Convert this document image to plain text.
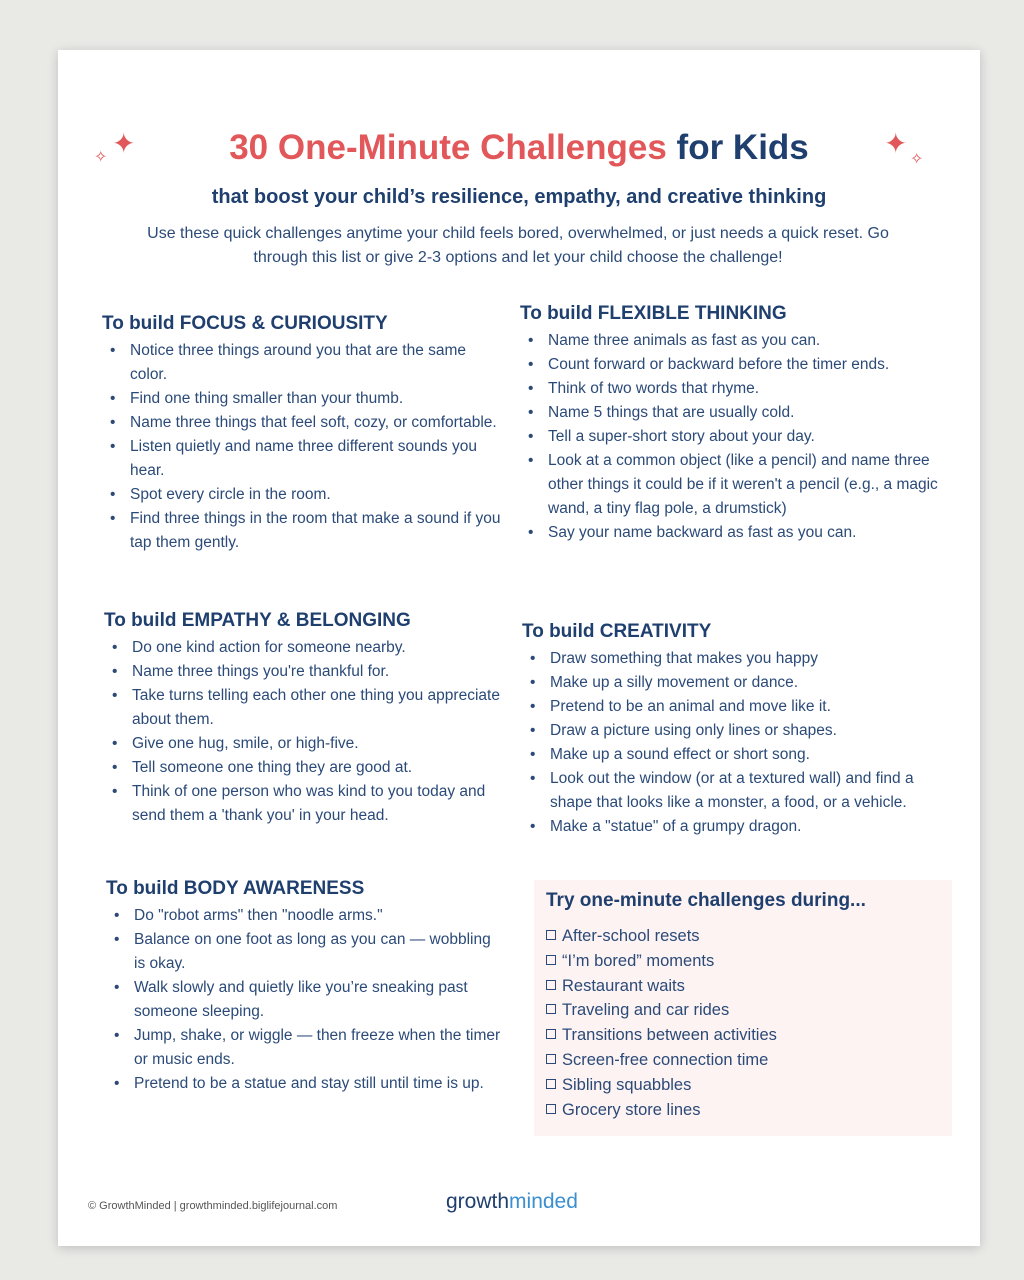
✦
✧	✦
✧
30 One-Minute Challenges for Kids
that boost your child’s resilience, empathy, and creative thinking
Use these quick challenges anytime your child feels bored, overwhelmed, or just needs a quick reset. Go through this list or give 2-3 options and let your child choose the challenge!
To build FOCUS & CURIOUSITY
• Notice three things around you that are the same color.
• Find one thing smaller than your thumb.
• Name three things that feel soft, cozy, or comfortable.
• Listen quietly and name three different sounds you hear.
• Spot every circle in the room.
• Find three things in the room that make a sound if you tap them gently.
To build EMPATHY & BELONGING
• Do one kind action for someone nearby.
• Name three things you're thankful for.
• Take turns telling each other one thing you appreciate about them.
• Give one hug, smile, or high-five.
• Tell someone one thing they are good at.
• Think of one person who was kind to you today and send them a 'thank you' in your head.
To build BODY AWARENESS
• Do "robot arms" then "noodle arms."
• Balance on one foot as long as you can — wobbling is okay.
• Walk slowly and quietly like you’re sneaking past someone sleeping.
• Jump, shake, or wiggle — then freeze when the timer or music ends.
• Pretend to be a statue and stay still until time is up.
To build FLEXIBLE THINKING
• Name three animals as fast as you can.
• Count forward or backward before the timer ends.
• Think of two words that rhyme.
• Name 5 things that are usually cold.
• Tell a super-short story about your day.
• Look at a common object (like a pencil) and name three other things it could be if it weren't a pencil (e.g., a magic wand, a tiny flag pole, a drumstick)
• Say your name backward as fast as you can.
To build CREATIVITY
• Draw something that makes you happy
• Make up a silly movement or dance.
• Pretend to be an animal and move like it.
• Draw a picture using only lines or shapes.
• Make up a sound effect or short song.
• Look out the window (or at a textured wall) and find a shape that looks like a monster, a food, or a vehicle.
• Make a "statue" of a grumpy dragon.
Try one-minute challenges during...
After-school resets
“I’m bored” moments
Restaurant waits
Traveling and car rides
Transitions between activities
Screen-free connection time
Sibling squabbles
Grocery store lines
© GrowthMinded | growthminded.biglifejournal.com	growthminded
